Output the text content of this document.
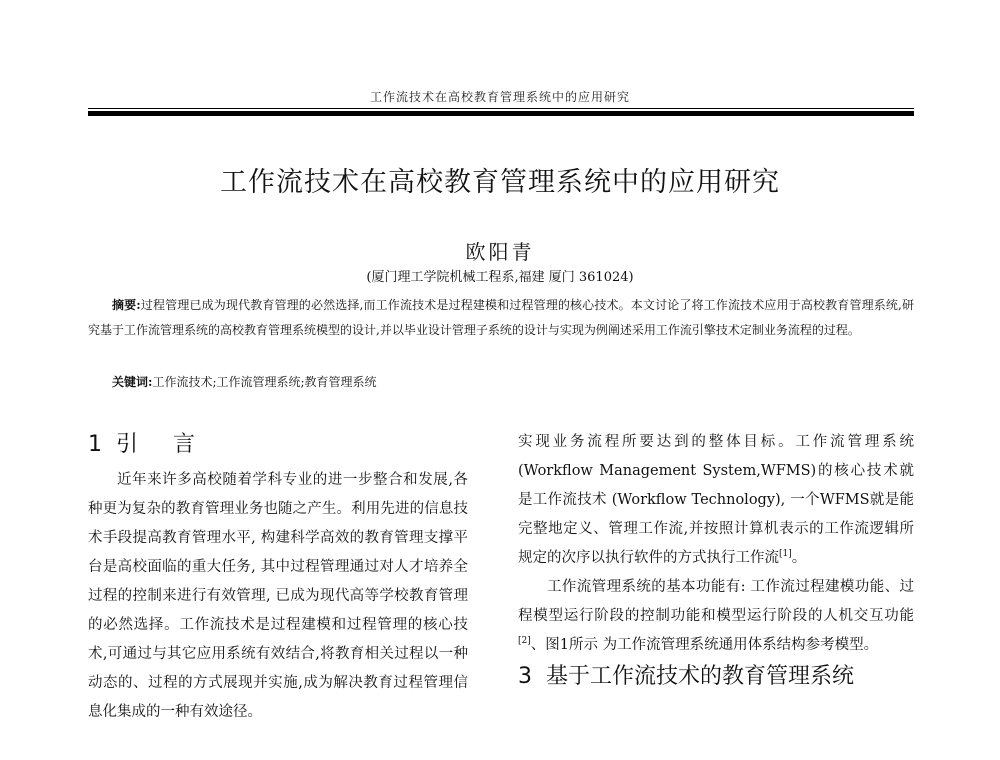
工作流技术在高校教育管理系统中的应用研究
工作流技术在高校教育管理系统中的应用研究
欧阳青
(厦门理工学院机械工程系,福建 厦门 361024)
摘要:过程管理已成为现代教育管理的必然选择,而工作流技术是过程建模和过程管理的核心技术。本文讨论了将工作流技术应用于高校教育管理系统,研究基于工作流管理系统的高校教育管理系统模型的设计,并以毕业设计管理子系统的设计与实现为例阐述采用工作流引擎技术定制业务流程的过程。
关键词:工作流技术;工作流管理系统;教育管理系统
1 引 言

近年来许多高校随着学科专业的进一步整合和发展,各种更为复杂的教育管理业务也随之产生。利用先进的信息技术手段提高教育管理水平, 构建科学高效的教育管理支撑平台是高校面临的重大任务, 其中过程管理通过对人才培养全过程的控制来进行有效管理, 已成为现代高等学校教育管理的必然选择。工作流技术是过程建模和过程管理的核心技术,可通过与其它应用系统有效结合,将教育相关过程以一种动态的、过程的方式展现并实施,成为解决教育过程管理信息化集成的一种有效途径。

实现业务流程所要达到的整体目标。工作流管理系统(Workflow Management System,WFMS)的核心技术就是工作流技术 (Workflow Technology), 一个WFMS就是能完整地定义、管理工作流,并按照计算机表示的工作流逻辑所规定的次序以执行软件的方式执行工作流[1]。

工作流管理系统的基本功能有: 工作流过程建模功能、过程模型运行阶段的控制功能和模型运行阶段的人机交互功能[2]、图1所示 为工作流管理系统通用体系结构参考模型。

3 基于工作流技术的教育管理系统
